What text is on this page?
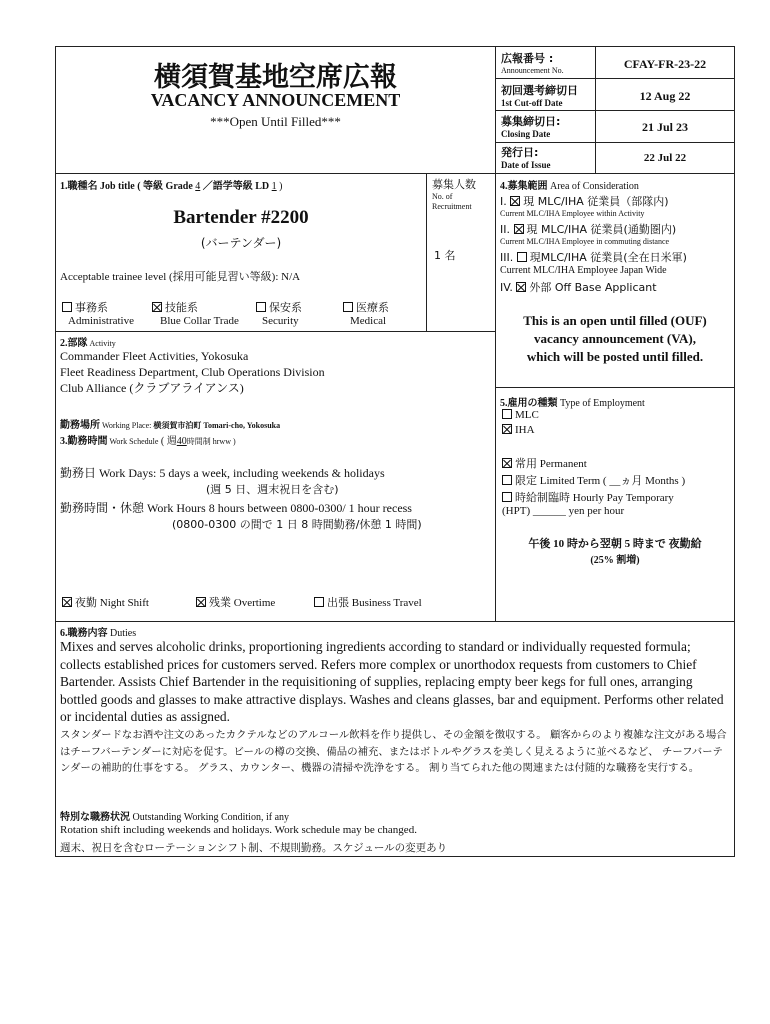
横須賀基地空席広報
VACANCY ANNOUNCEMENT
***Open Until Filled***
広報番号 :
Announcement No.	CFAY-FR-23-22
初回選考締切日
1st Cut-off Date	12 Aug 22
募集締切日:
Closing Date	21 Jul 23
発行日:
Date of Issue
22 Jul 22
1.職種名 Job title ( 等級 Grade 4 ／語学等級 LD 1 )
Bartender #2200
(バーテンダー)
Acceptable trainee level (採用可能見習い等級): N/A
事務系	技能系	保安系	医療系
Administrative Blue Collar Trade Security	Medical
募集人数
No. of
Recruitment
1 名
4.募集範囲 Area of Consideration
I. 現 MLC/IHA 従業員（部隊内)
Current MLC/IHA Employee within Activity
II. 現 MLC/IHA 従業員(通勤圏内)
Current MLC/IHA Employee in commuting distance
III. 現MLC/IHA 従業員(全在日米軍)
Current MLC/IHA Employee Japan Wide
IV. 外部 Off Base Applicant
This is an open until filled (OUF)
vacancy announcement (VA),
which will be posted until filled.
2.部隊 Activity
Commander Fleet Activities, Yokosuka
Fleet Readiness Department, Club Operations Division
Club Alliance (クラブアライアンス)
勤務場所 Working Place: 横須賀市泊町 Tomari-cho, Yokosuka
3.勤務時間 Work Schedule ( 週40時間制 hrww )
勤務日 Work Days: 5 days a week, including weekends & holidays
(週 5 日、週末祝日を含む)
勤務時間・休憩 Work Hours 8 hours between 0800-0300/ 1 hour recess
(0800-0300 の間で 1 日 8 時間勤務/休憩 1 時間)
夜勤 Night Shift	残業 Overtime	出張 Business Travel
5.雇用の種類 Type of Employment
MLC
IHA
常用 Permanent
限定 Limited Term ( __ヵ月 Months )
時給制臨時 Hourly Pay Temporary
(HPT) ______ yen per hour
午後 10 時から翌朝 5 時まで 夜勤給
(25% 割増)
6.職務内容 Duties
Mixes and serves alcoholic drinks, proportioning ingredients according to standard or individually requested formula; collects established prices for customers served. Refers more complex or unorthodox requests from customers to Chief Bartender. Assists Chief Bartender in the requisitioning of supplies, replacing empty beer kegs for full ones, arranging bottled goods and glasses to make attractive displays. Washes and cleans glasses, bar and equipment. Performs other related or incidental duties as assigned.
スタンダードなお酒や注文のあったカクテルなどのアルコール飲料を作り提供し、その金額を徴収する。 顧客からのより複雑な注文がある場合はチーフバーテンダーに対応を促す。ビールの樽の交換、備品の補充、またはボトルやグラスを美しく見えるように並べるなど、 チーフバーテンダーの補助的仕事をする。 グラス、カウンター、機器の清掃や洗浄をする。 割り当てられた他の関連または付随的な職務を実行する。
特別な職務状況 Outstanding Working Condition, if any
Rotation shift including weekends and holidays. Work schedule may be changed.
週末、祝日を含むローテーションシフト制、不規則勤務。スケジュールの変更あり
